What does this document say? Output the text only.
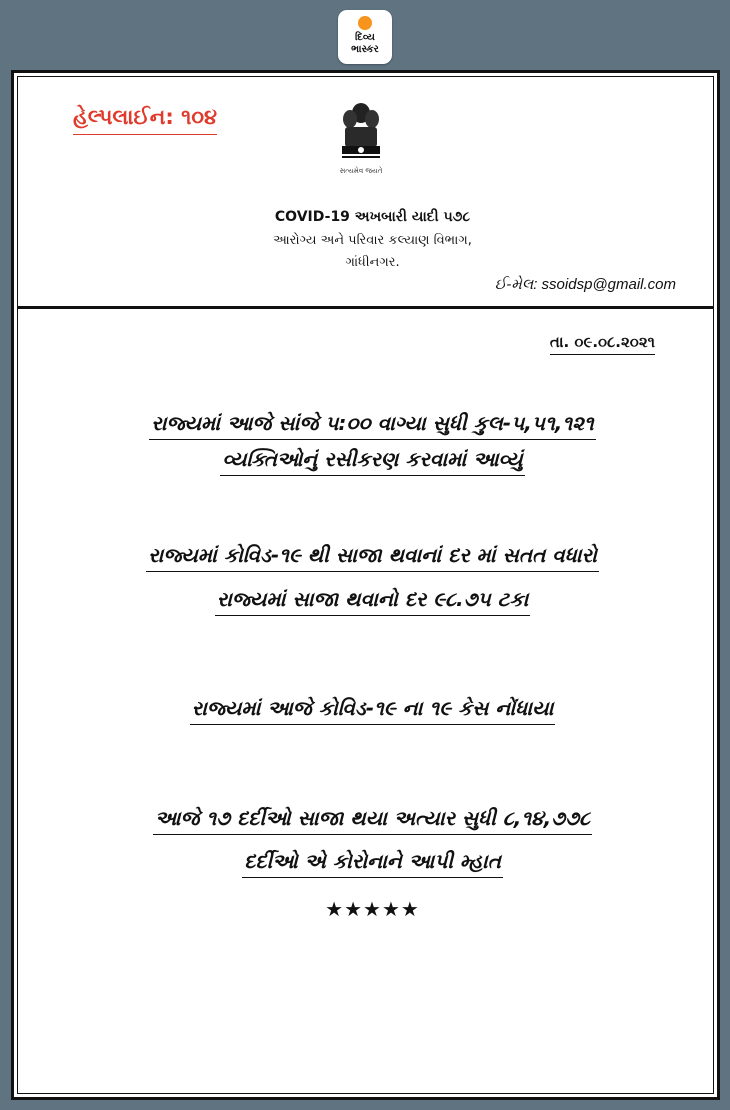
દિવ્ય
ભાસ્કર
હેલ્પલાઈન: ૧૦૪
સત્યમેવ જયતે
COVID-19 અખબારી યાદી ૫૭૮
આરોગ્ય અને પરિવાર કલ્યાણ વિભાગ,
ગાંધીનગર.
ઈ-મેલ: ssoidsp@gmail.com
તા. ૦૯.૦૮.૨૦૨૧
રાજ્યમાં આજે સાંજે ૫:૦૦ વાગ્યા સુધી કુલ-૫,૫૧,૧૨૧
વ્યક્તિઓનું રસીકરણ કરવામાં આવ્યું
રાજ્યમાં કોવિડ-૧૯ થી સાજા થવાનાં દર માં સતત વધારો
રાજ્યમાં સાજા થવાનો દર ૯૮.૭૫ ટકા
રાજ્યમાં આજે કોવિડ-૧૯ ના ૧૯ કેસ નોંધાયા
આજે ૧૭ દર્દીઓ સાજા થયા અત્યાર સુધી ૮,૧૪,૭૭૮
દર્દીઓ એ કોરોનાને આપી મ્હાત
★★★★★
